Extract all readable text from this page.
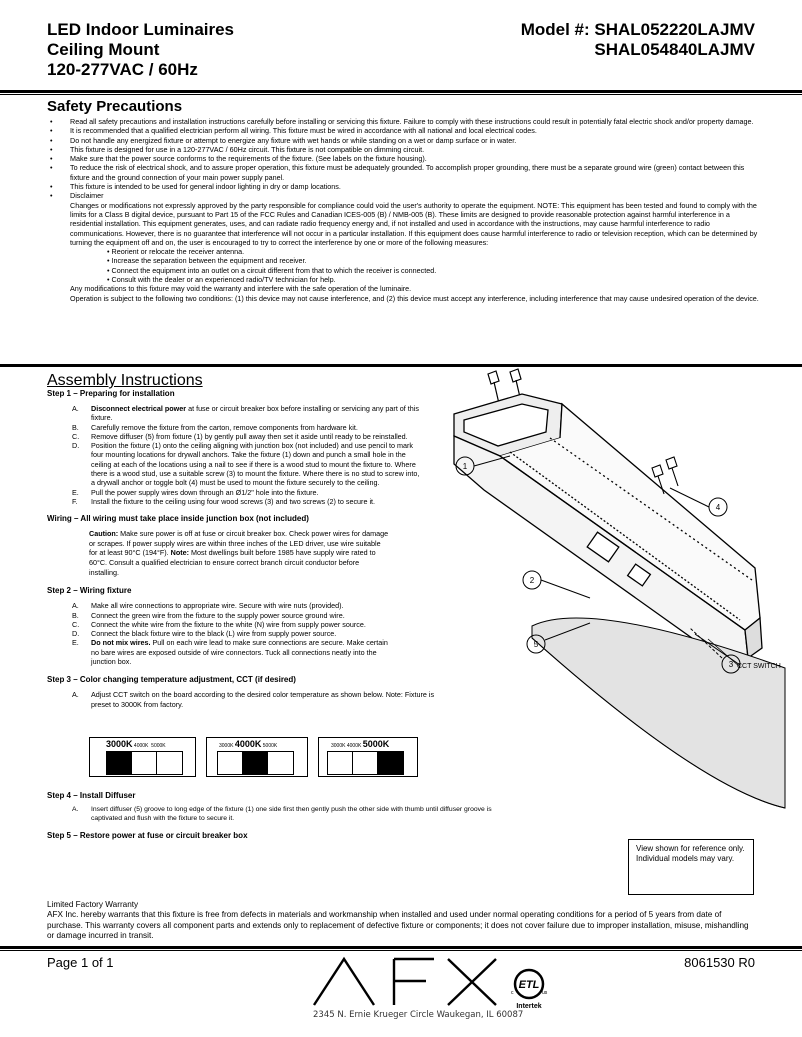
LED Indoor Luminaires
Ceiling Mount
120-277VAC / 60Hz
Model #: SHAL052220LAJMV
SHAL054840LAJMV
Safety Precautions
• Read all safety precautions and installation instructions carefully before installing or servicing this fixture. Failure to comply with these instructions could result in potentially fatal electric shock and/or property damage.
• It is recommended that a qualified electrician perform all wiring. This fixture must be wired in accordance with all national and local electrical codes.
• Do not handle any energized fixture or attempt to energize any fixture with wet hands or while standing on a wet or damp surface or in water.
• This fixture is designed for use in a 120-277VAC / 60Hz circuit. This fixture is not compatible on dimming circuit.
• Make sure that the power source conforms to the requirements of the fixture. (See labels on the fixture housing).
• To reduce the risk of electrical shock, and to assure proper operation, this fixture must be adequately grounded. To accomplish proper grounding, there must be a separate ground wire (green) contact between this fixture and the ground connection of your main power supply panel.
• This fixture is intended to be used for general indoor lighting in dry or damp locations.
• Disclaimer
Changes or modifications not expressly approved by the party responsible for compliance could void the user's authority to operate the equipment. NOTE: This equipment has been tested and found to comply with the limits for a Class B digital device, pursuant to Part 15 of the FCC Rules and Canadian ICES-005 (B) / NMB-005 (B). These limits are designed to provide reasonable protection against harmful interference in a residential installation. This equipment generates, uses, and can radiate radio frequency energy and, if not installed and used in accordance with the instructions, may cause harmful interference to radio communications. However, there is no guarantee that interference will not occur in a particular installation. If this equipment does cause harmful interference to radio or television reception, which can be determined by turning the equipment off and on, the user is encouraged to try to correct the interference by one or more of the following measures:
• Reorient or relocate the receiver antenna.
• Increase the separation between the equipment and receiver.
• Connect the equipment into an outlet on a circuit different from that to which the receiver is connected.
• Consult with the dealer or an experienced radio/TV technician for help.
Any modifications to this fixture may void the warranty and interfere with the safe operation of the luminaire.
Operation is subject to the following two conditions: (1) this device may not cause interference, and (2) this device must accept any interference, including interference that may cause undesired operation of the device.
Assembly Instructions
Step 1 – Preparing for installation
A. Disconnect electrical power at fuse or circuit breaker box before installing or servicing any part of this fixture.
B. Carefully remove the fixture from the carton, remove components from hardware kit.
C. Remove diffuser (5) from fixture (1) by gently pull away then set it aside until ready to be reinstalled.
D. Position the fixture (1) onto the ceiling aligning with junction box (not included) and use pencil to mark four mounting locations for drywall anchors. Take the fixture (1) down and punch a small hole in the ceiling at each of the locations using a nail to see if there is a wood stud to mount the fixture to. Where there is a wood stud, use a suitable screw (3) to mount the fixture. Where there is no stud to screw into, a drywall anchor or toggle bolt (4) must be used to mount the fixture securely to the ceiling.
E. Pull the power supply wires down through an Ø1/2" hole into the fixture.
F. Install the fixture to the ceiling using four wood screws (3) and two screws (2) to secure it.
Wiring – All wiring must take place inside junction box (not included)
Caution: Make sure power is off at fuse or circuit breaker box. Check power wires for damage or scrapes. If power supply wires are within three inches of the LED driver, use wire suitable for at least 90°C (194°F). Note: Most dwellings built before 1985 have supply wire rated to 60°C. Consult a qualified electrician to ensure correct branch circuit conductor before installing.
Step 2 – Wiring fixture
A. Make all wire connections to appropriate wire. Secure with wire nuts (provided).
B. Connect the green wire from the fixture to the supply power source ground wire.
C. Connect the white wire from the fixture to the white (N) wire from supply power source.
D. Connect the black fixture wire to the black (L) wire from supply power source.
E. Do not mix wires. Pull on each wire lead to make sure connections are secure. Make certain no bare wires are exposed outside of wire connectors. Tuck all connections neatly into the junction box.
Step 3 – Color changing temperature adjustment, CCT (if desired)
A. Adjust CCT switch on the board according to the desired color temperature as shown below. Note: Fixture is preset to 3000K from factory.
3000K 4000K 5000K	3000K 4000K 5000K	3000K 4000K 5000K
Step 4 – Install Diffuser
A. Insert diffuser (5) groove to long edge of the fixture (1) one side first then gently push the other side with thumb until diffuser groove is captivated and flush with the fixture to secure it.
Step 5 – Restore power at fuse or circuit breaker box
1
2
3
4
5
CCT SWITCH
View shown for reference only. Individual models may vary.
Limited Factory Warranty
AFX Inc. hereby warrants that this fixture is free from defects in materials and workmanship when installed and used under normal operating conditions for a period of 5 years from date of purchase. This warranty covers all component parts and extends only to replacement of defective fixture or components; it does not cover failure due to improper installation, misuse, mishandling or damage incurred in transit.
Page 1 of 1	8061530 R0
ETL
c	us
Intertek
2345 N. Ernie Krueger Circle Waukegan, IL 60087
